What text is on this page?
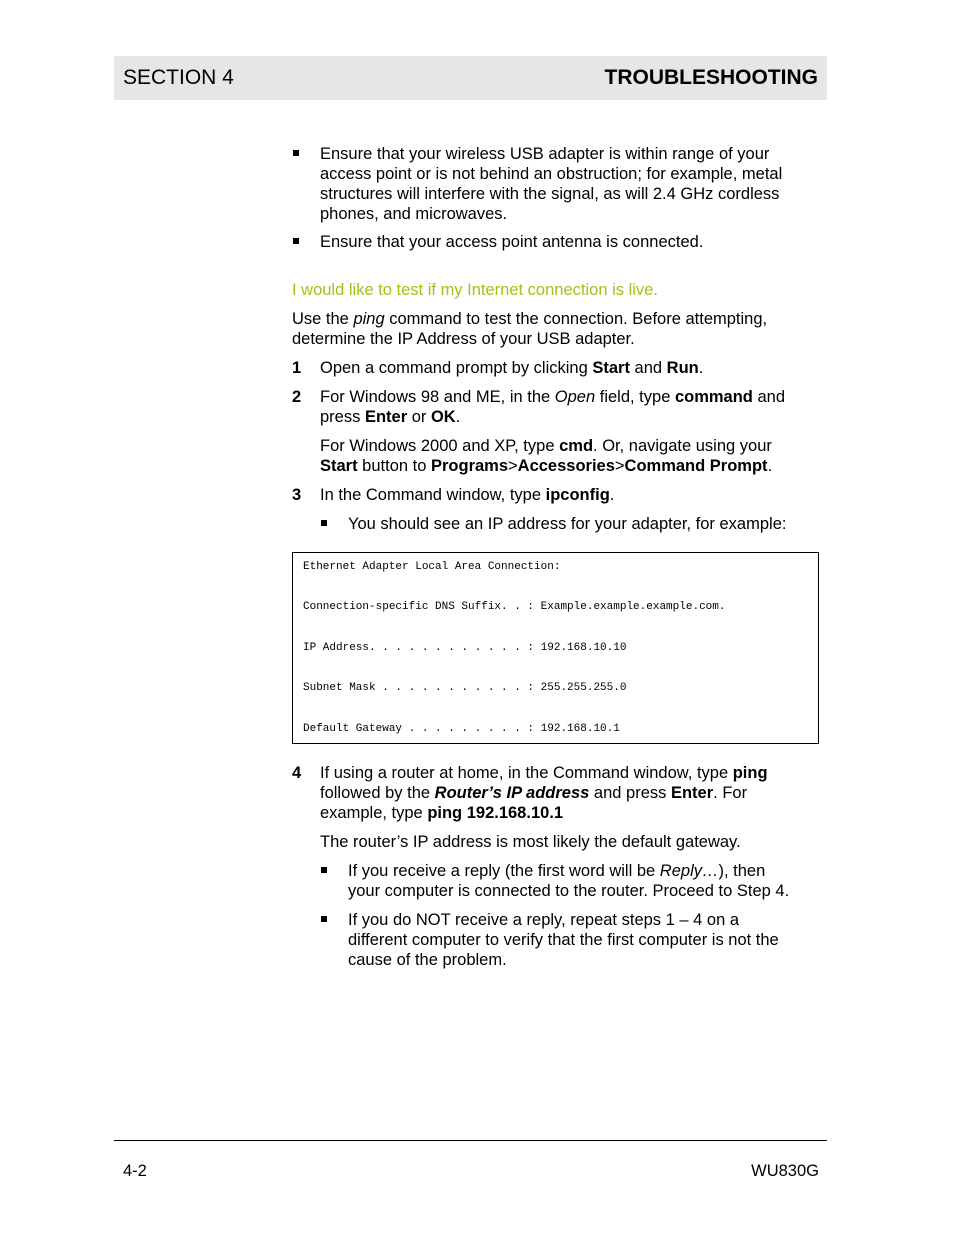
SECTION 4	TROUBLESHOOTING
Ensure that your wireless USB adapter is within range of your
access point or is not behind an obstruction; for example, metal
structures will interfere with the signal, as will 2.4 GHz cordless
phones, and microwaves.
Ensure that your access point antenna is connected.
I would like to test if my Internet connection is live.
Use the ping command to test the connection. Before attempting,
determine the IP Address of your USB adapter.
1 Open a command prompt by clicking Start and Run.
2 For Windows 98 and ME, in the Open field, type command and
press Enter or OK.
For Windows 2000 and XP, type cmd. Or, navigate using your
Start button to Programs>Accessories>Command Prompt.
3 In the Command window, type ipconfig.
You should see an IP address for your adapter, for example:
Ethernet Adapter Local Area Connection:
Connection-specific DNS Suffix. . : Example.example.example.com.
IP Address. . . . . . . . . . . . : 192.168.10.10
Subnet Mask . . . . . . . . . . . : 255.255.255.0
Default Gateway . . . . . . . . . : 192.168.10.1
4 If using a router at home, in the Command window, type ping
followed by the Router’s IP address and press Enter. For
example, type ping 192.168.10.1
The router’s IP address is most likely the default gateway.
If you receive a reply (the first word will be Reply…), then
your computer is connected to the router. Proceed to Step 4.
If you do NOT receive a reply, repeat steps 1 – 4 on a
different computer to verify that the first computer is not the
cause of the problem.
4-2	WU830G
